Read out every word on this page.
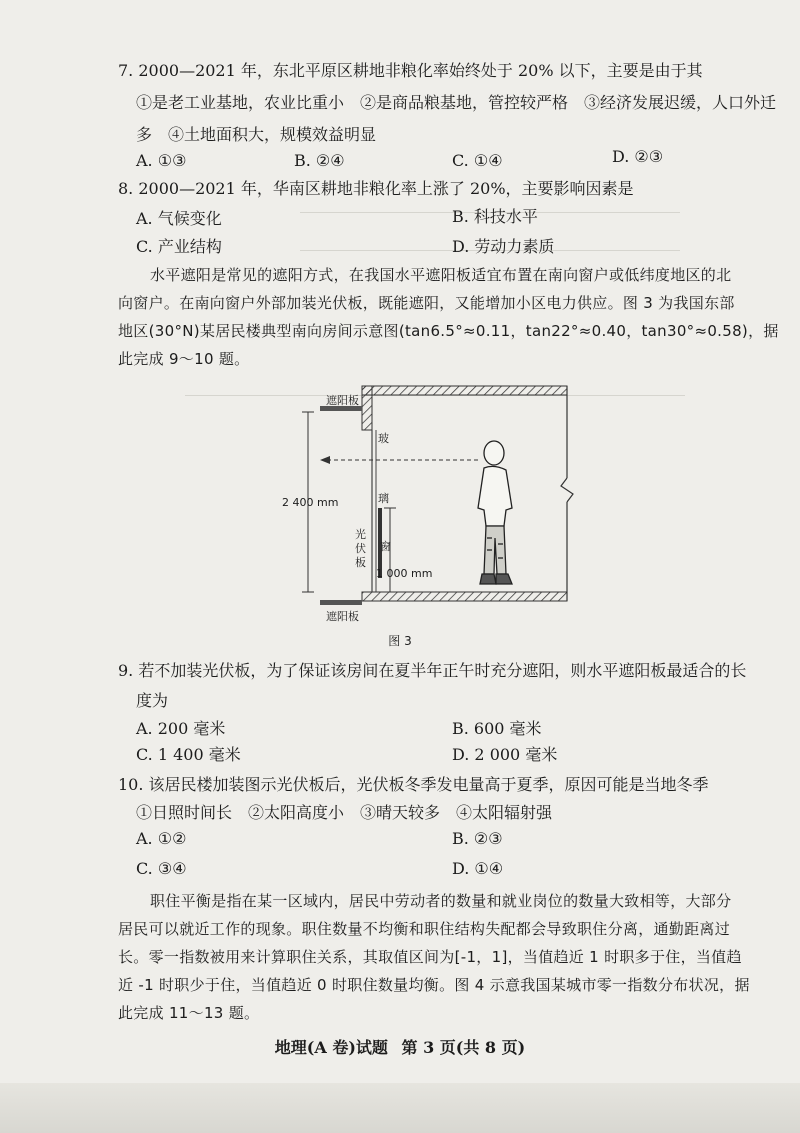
7. 2000—2021 年，东北平原区耕地非粮化率始终处于 20% 以下，主要是由于其
①是老工业基地，农业比重小　②是商品粮基地，管控较严格　③经济发展迟缓，人口外迁
多　④土地面积大，规模效益明显
A. ①③	B. ②④	C. ①④	D. ②③
8. 2000—2021 年，华南区耕地非粮化率上涨了 20%，主要影响因素是
A. 气候变化	B. 科技水平
C. 产业结构	D. 劳动力素质
水平遮阳是常见的遮阳方式，在我国水平遮阳板适宜布置在南向窗户或低纬度地区的北
向窗户。在南向窗户外部加装光伏板，既能遮阳，又能增加小区电力供应。图 3 为我国东部
地区(30°N)某居民楼典型南向房间示意图(tan6.5°≈0.11，tan22°≈0.40，tan30°≈0.58)，据
此完成 9～10 题。
遮阳板
遮阳板
玻
璃
窗
光
伏
板
2 400 mm
1 000 mm
图 3
9. 若不加装光伏板，为了保证该房间在夏半年正午时充分遮阳，则水平遮阳板最适合的长
度为
A. 200 毫米	B. 600 毫米
C. 1 400 毫米	D. 2 000 毫米
10. 该居民楼加装图示光伏板后，光伏板冬季发电量高于夏季，原因可能是当地冬季
①日照时间长　②太阳高度小　③晴天较多　④太阳辐射强
A. ①②	B. ②③
C. ③④	D. ①④
职住平衡是指在某一区域内，居民中劳动者的数量和就业岗位的数量大致相等，大部分
居民可以就近工作的现象。职住数量不均衡和职住结构失配都会导致职住分离，通勤距离过
长。零一指数被用来计算职住关系，其取值区间为[-1，1]，当值趋近 1 时职多于住，当值趋
近 -1 时职少于住，当值趋近 0 时职住数量均衡。图 4 示意我国某城市零一指数分布状况，据
此完成 11～13 题。
地理(A 卷)试题 第 3 页(共 8 页)
